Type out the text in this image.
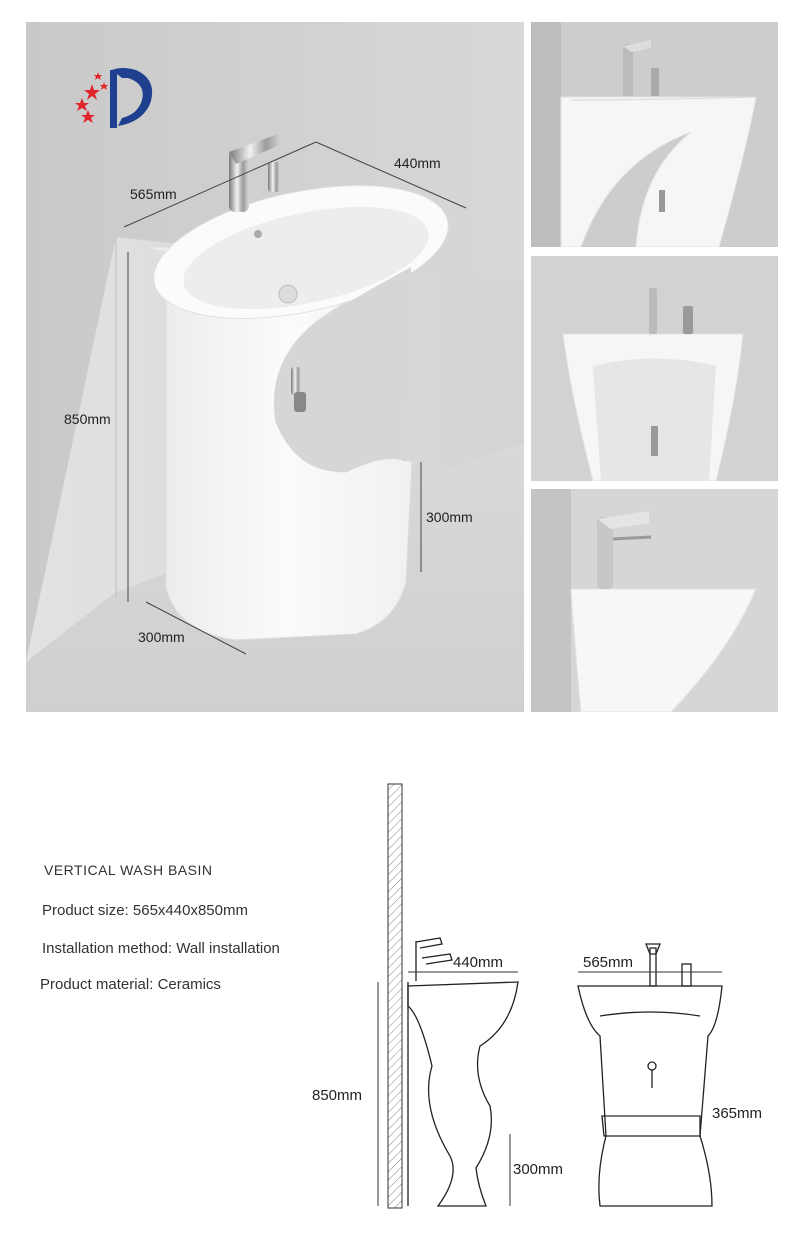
565mm
440mm
850mm
300mm
300mm
VERTICAL WASH BASIN
Product size: 565x440x850mm
Installation method: Wall installation
Product material: Ceramics
440mm
850mm
300mm
565mm
365mm
